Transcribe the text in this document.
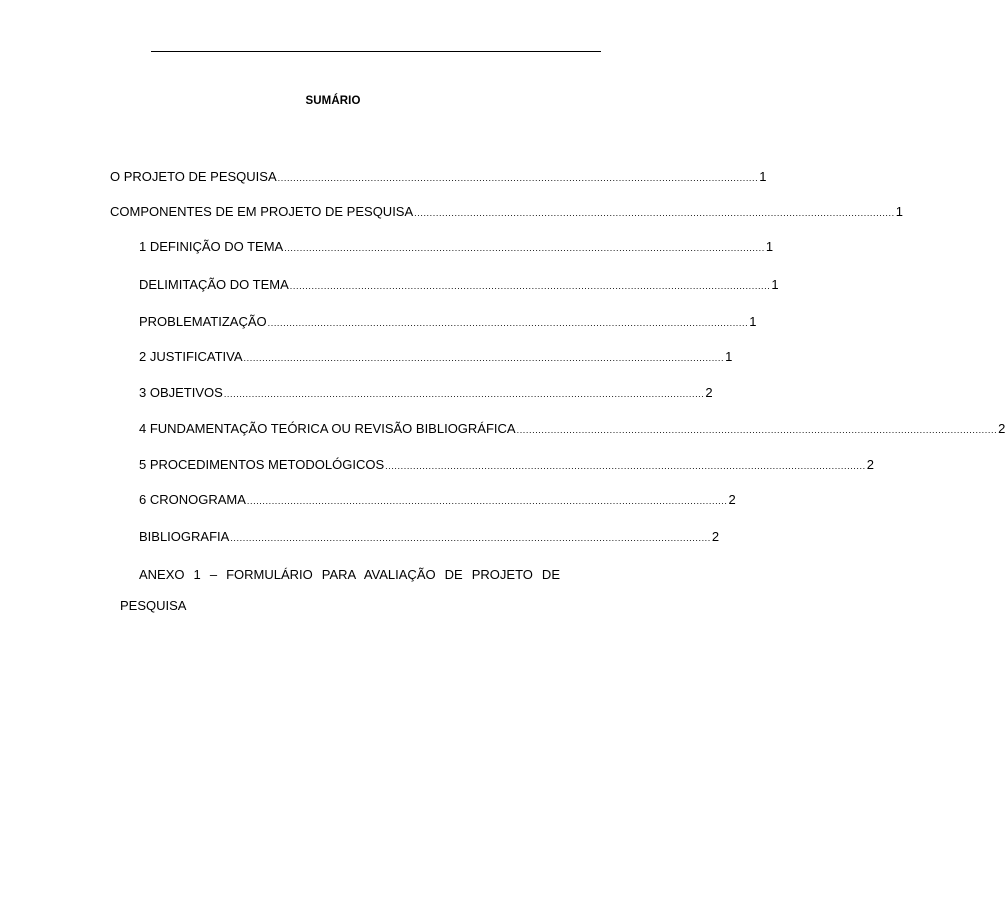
SUMÁRIO
O PROJETO DE PESQUISA ........................................................................................................................................................... 1
COMPONENTES DE EM PROJETO DE PESQUISA ........................................................................................................................................................... 1
1 DEFINIÇÃO DO TEMA ........................................................................................................................................................... 1
DELIMITAÇÃO DO TEMA ........................................................................................................................................................... 1
PROBLEMATIZAÇÃO ........................................................................................................................................................... 1
2 JUSTIFICATIVA ........................................................................................................................................................... 1
3 OBJETIVOS ........................................................................................................................................................... 2
4 FUNDAMENTAÇÃO TEÓRICA OU REVISÃO BIBLIOGRÁFICA ........................................................................................................................................................... 2
5 PROCEDIMENTOS METODOLÓGICOS ........................................................................................................................................................... 2
6 CRONOGRAMA ........................................................................................................................................................... 2
BIBLIOGRAFIA ........................................................................................................................................................... 2
ANEXO 1 – FORMULÁRIO PARA AVALIAÇÃO DE PROJETO DE
PESQUISA
